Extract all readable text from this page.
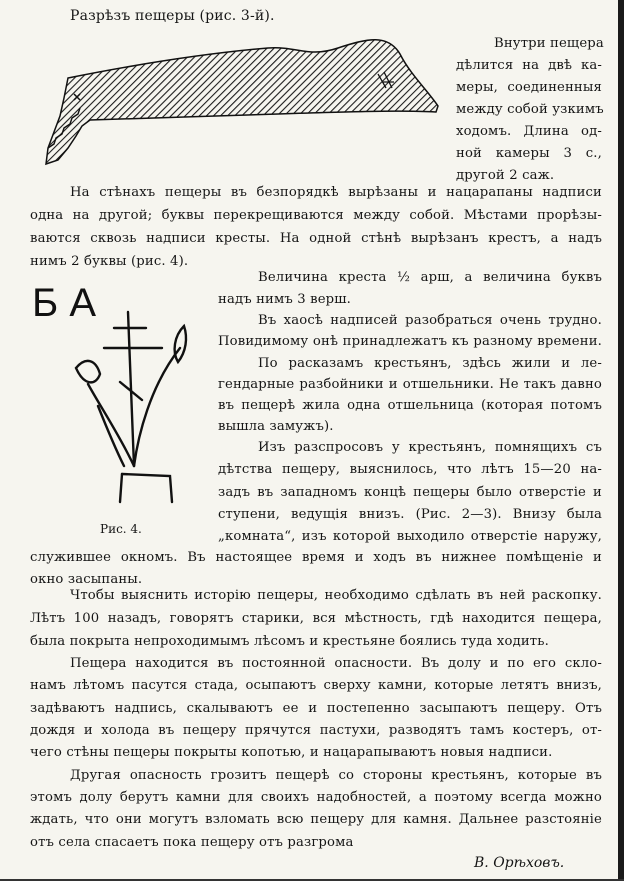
Разрѣзъ пещеры (рис. 3-й).
Внутри пещера
дѣлится на двѣ ка-
меры, соединенныя
между собой узкимъ
ходомъ. Длина од-
ной камеры 3 с.,
другой 2 саж.
На стѣнахъ пещеры въ безпорядкѣ вырѣзаны и нацарапаны надписи
одна на другой; буквы перекрещиваются между собой. Мѣстами прорѣзы-
ваются сквозь надписи кресты. На одной стѣнѣ вырѣзанъ крестъ, а надъ
нимъ 2 буквы (рис. 4).
Б А
Рис. 4.
Величина креста ½ арш, а величина буквъ
надъ нимъ 3 верш.
Въ хаосѣ надписей разобраться очень трудно.
Повидимому онѣ принадлежатъ къ разному времени.
По расказамъ крестьянъ, здѣсь жили и ле-
гендарные разбойники и отшельники. Не такъ давно
въ пещерѣ жила одна отшельница (которая потомъ
вышла замужъ).
Изъ разспросовъ у крестьянъ, помнящихъ съ
дѣтства пещеру, выяснилось, что лѣтъ 15—20 на-
задъ въ западномъ концѣ пещеры было отверстіе и
ступени, ведущія внизъ. (Рис. 2—3). Внизу была
„комната“, изъ которой выходило отверстіе наружу,
служившее окномъ. Въ настоящее время и ходъ въ нижнее помѣщеніе и
окно засыпаны.
Чтобы выяснить исторію пещеры, необходимо сдѣлать въ ней раскопку.
Лѣтъ 100 назадъ, говорятъ старики, вся мѣстность, гдѣ находится пещера,
была покрыта непроходимымъ лѣсомъ и крестьяне боялись туда ходить.
Пещера находится въ постоянной опасности. Въ долу и по его скло-
намъ лѣтомъ пасутся стада, осыпаютъ сверху камни, которые летятъ внизъ,
задѣваютъ надпись, скалываютъ ее и постепенно засыпаютъ пещеру. Отъ
дождя и холода въ пещеру прячутся пастухи, разводятъ тамъ костеръ, от-
чего стѣны пещеры покрыты копотью, и нацарапываютъ новыя надписи.
Другая опасность грозитъ пещерѣ со стороны крестьянъ, которые въ
этомъ долу берутъ камни для своихъ надобностей, а поэтому всегда можно
ждать, что они могутъ взломать всю пещеру для камня. Дальнее разстояніе
отъ села спасаетъ пока пещеру отъ разгрома
В. Орѣховъ.
